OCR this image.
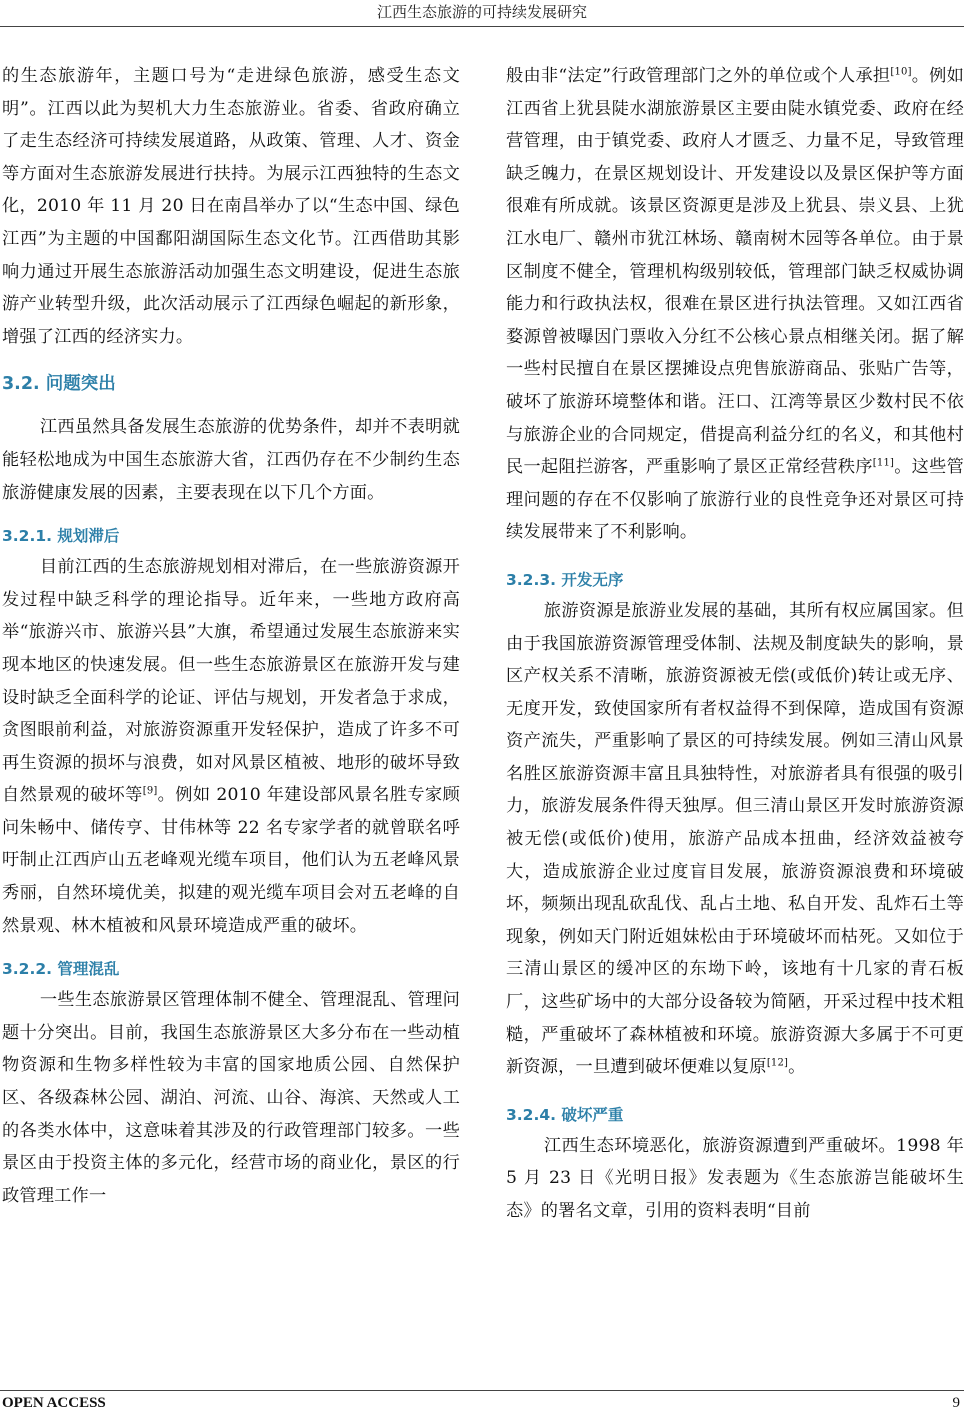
江西生态旅游的可持续发展研究

的生态旅游年，主题口号为“走进绿色旅游，感受生态文明”。江西以此为契机大力生态旅游业。省委、省政府确立了走生态经济可持续发展道路，从政策、管理、人才、资金等方面对生态旅游发展进行扶持。为展示江西独特的生态文化，2010 年 11 月 20 日在南昌举办了以“生态中国、绿色江西”为主题的中国鄱阳湖国际生态文化节。江西借助其影响力通过开展生态旅游活动加强生态文明建设，促进生态旅游产业转型升级，此次活动展示了江西绿色崛起的新形象，增强了江西的经济实力。

3.2. 问题突出

江西虽然具备发展生态旅游的优势条件，却并不表明就能轻松地成为中国生态旅游大省，江西仍存在不少制约生态旅游健康发展的因素，主要表现在以下几个方面。

3.2.1. 规划滞后

目前江西的生态旅游规划相对滞后，在一些旅游资源开发过程中缺乏科学的理论指导。近年来，一些地方政府高举“旅游兴市、旅游兴县”大旗，希望通过发展生态旅游来实现本地区的快速发展。但一些生态旅游景区在旅游开发与建设时缺乏全面科学的论证、评估与规划，开发者急于求成，贪图眼前利益，对旅游资源重开发轻保护，造成了许多不可再生资源的损坏与浪费，如对风景区植被、地形的破坏导致自然景观的破坏等[9]。例如 2010 年建设部风景名胜专家顾问朱畅中、储传亨、甘伟林等 22 名专家学者的就曾联名呼吁制止江西庐山五老峰观光缆车项目，他们认为五老峰风景秀丽，自然环境优美，拟建的观光缆车项目会对五老峰的自然景观、林木植被和风景环境造成严重的破坏。

3.2.2. 管理混乱

一些生态旅游景区管理体制不健全、管理混乱、管理问题十分突出。目前，我国生态旅游景区大多分布在一些动植物资源和生物多样性较为丰富的国家地质公园、自然保护区、各级森林公园、湖泊、河流、山谷、海滨、天然或人工的各类水体中，这意味着其涉及的行政管理部门较多。一些景区由于投资主体的多元化，经营市场的商业化，景区的行政管理工作一

般由非“法定”行政管理部门之外的单位或个人承担[10]。例如江西省上犹县陡水湖旅游景区主要由陡水镇党委、政府在经营管理，由于镇党委、政府人才匮乏、力量不足，导致管理缺乏魄力，在景区规划设计、开发建设以及景区保护等方面很难有所成就。该景区资源更是涉及上犹县、崇义县、上犹江水电厂、赣州市犹江林场、赣南树木园等各单位。由于景区制度不健全，管理机构级别较低，管理部门缺乏权威协调能力和行政执法权，很难在景区进行执法管理。又如江西省婺源曾被曝因门票收入分红不公核心景点相继关闭。据了解一些村民擅自在景区摆摊设点兜售旅游商品、张贴广告等，破坏了旅游环境整体和谐。汪口、江湾等景区少数村民不依与旅游企业的合同规定，借提高利益分红的名义，和其他村民一起阻拦游客，严重影响了景区正常经营秩序[11]。这些管理问题的存在不仅影响了旅游行业的良性竞争还对景区可持续发展带来了不利影响。

3.2.3. 开发无序

旅游资源是旅游业发展的基础，其所有权应属国家。但由于我国旅游资源管理受体制、法规及制度缺失的影响，景区产权关系不清晰，旅游资源被无偿(或低价)转让或无序、无度开发，致使国家所有者权益得不到保障，造成国有资源资产流失，严重影响了景区的可持续发展。例如三清山风景名胜区旅游资源丰富且具独特性，对旅游者具有很强的吸引力，旅游发展条件得天独厚。但三清山景区开发时旅游资源被无偿(或低价)使用，旅游产品成本扭曲，经济效益被夸大，造成旅游企业过度盲目发展，旅游资源浪费和环境破坏，频频出现乱砍乱伐、乱占土地、私自开发、乱炸石土等现象，例如天门附近姐妹松由于环境破坏而枯死。又如位于三清山景区的缓冲区的东坳下岭，该地有十几家的青石板厂，这些矿场中的大部分设备较为简陋，开采过程中技术粗糙，严重破坏了森林植被和环境。旅游资源大多属于不可更新资源，一旦遭到破坏便难以复原[12]。

3.2.4. 破坏严重

江西生态环境恶化，旅游资源遭到严重破坏。1998 年 5 月 23 日《光明日报》发表题为《生态旅游岂能破坏生态》的署名文章，引用的资料表明“目前

OPEN ACCESS	9
